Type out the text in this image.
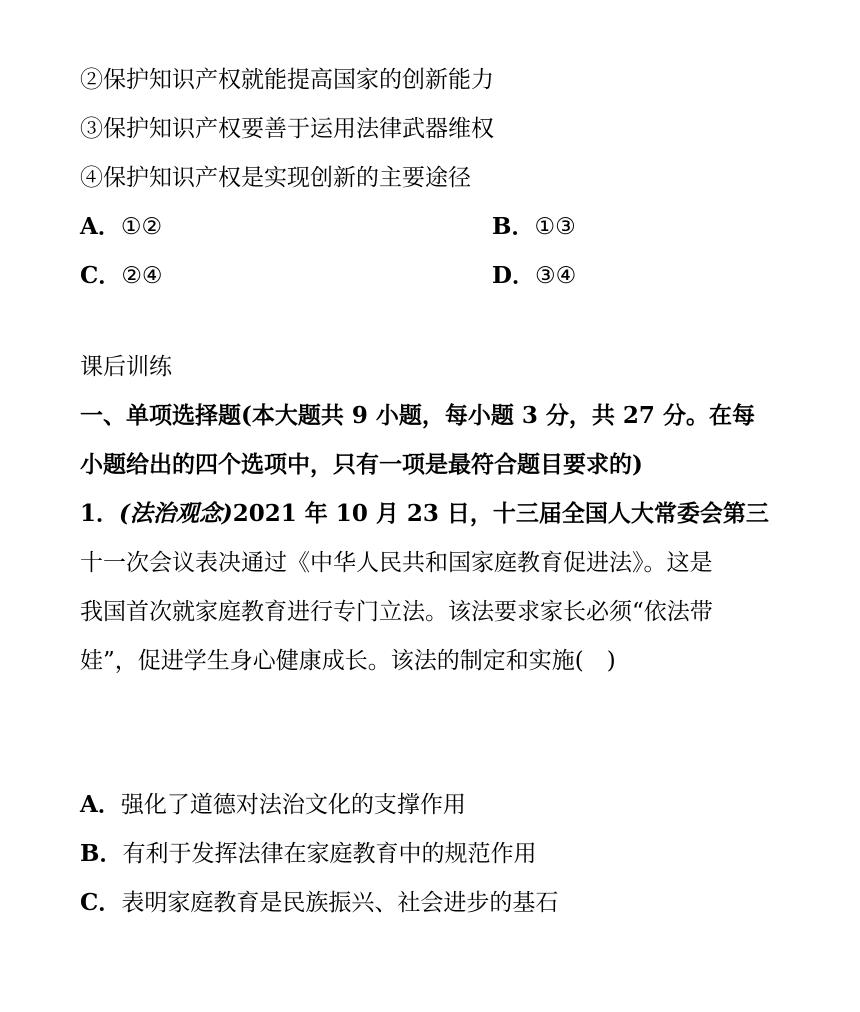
②保护知识产权就能提高国家的创新能力
③保护知识产权要善于运用法律武器维权
④保护知识产权是实现创新的主要途径
A．①②	B．①③
C．②④	D．③④
课后训练
一、单项选择题(本大题共 9 小题，每小题 3 分，共 27 分。在每
小题给出的四个选项中，只有一项是最符合题目要求的)
1．(法治观念)2021 年 10 月 23 日，十三届全国人大常委会第三
十一次会议表决通过《中华人民共和国家庭教育促进法》。这是
我国首次就家庭教育进行专门立法。该法要求家长必须“依法带
娃”，促进学生身心健康成长。该法的制定和实施(　)
A．强化了道德对法治文化的支撑作用
B．有利于发挥法律在家庭教育中的规范作用
C．表明家庭教育是民族振兴、社会进步的基石
